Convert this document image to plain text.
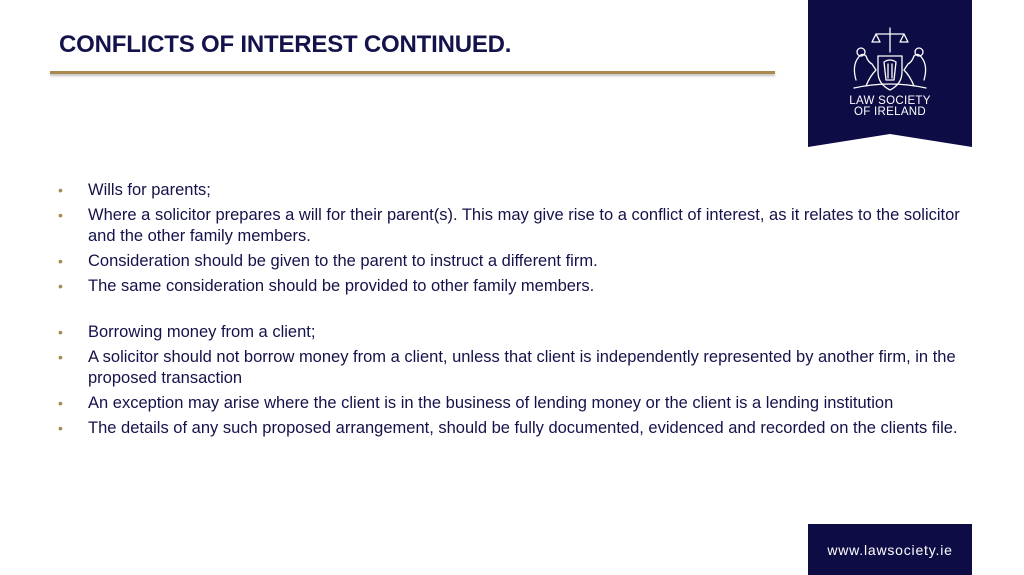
CONFLICTS OF INTEREST CONTINUED.
LAW SOCIETY
OF IRELAND
• Wills for parents;
• Where a solicitor prepares a will for their parent(s). This may give rise to a conflict of interest, as it relates to the solicitor and the other family members.
• Consideration should be given to the parent to instruct a different firm.
• The same consideration should be provided to other family members.
• Borrowing money from a client;
• A solicitor should not borrow money from a client, unless that client is independently represented by another firm, in the proposed transaction
• An exception may arise where the client is in the business of lending money or the client is a lending institution
• The details of any such proposed arrangement, should be fully documented, evidenced and recorded on the clients file.
www.lawsociety.ie
